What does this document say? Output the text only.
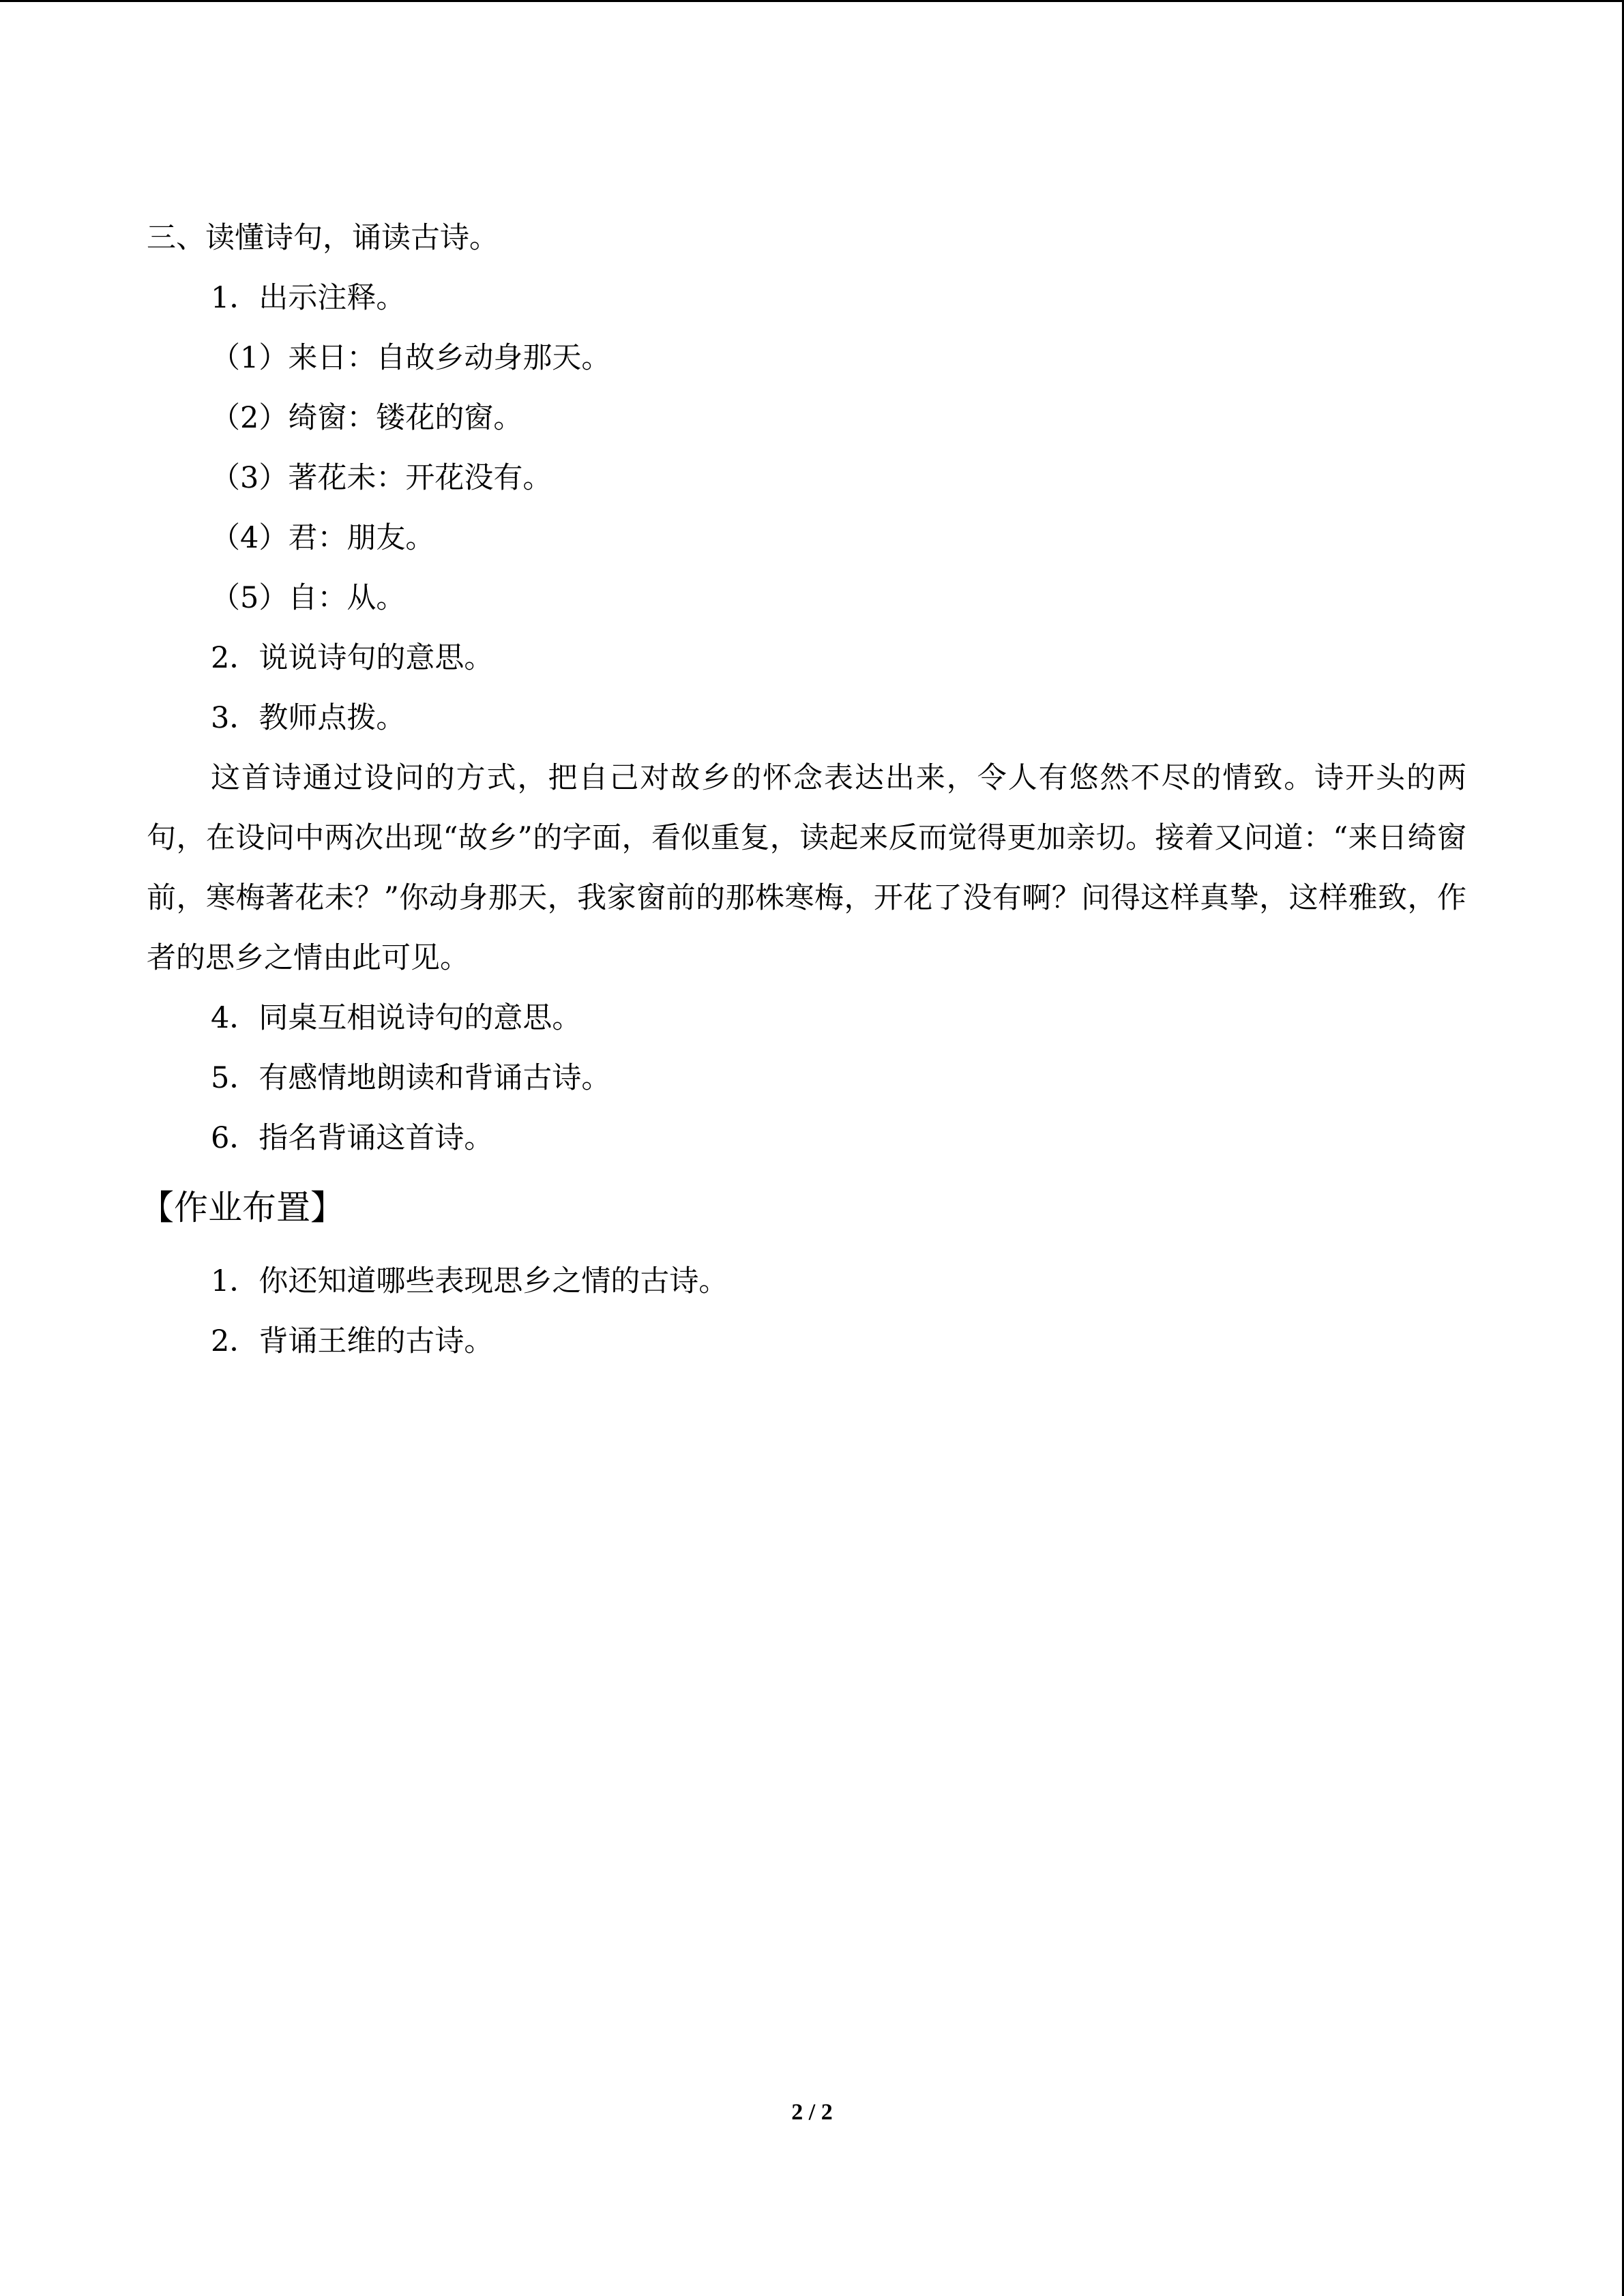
三、读懂诗句，诵读古诗。
1．出示注释。
（1）来日：自故乡动身那天。
（2）绮窗：镂花的窗。
（3）著花未：开花没有。
（4）君：朋友。
（5）自：从。
2．说说诗句的意思。
3．教师点拨。

这首诗通过设问的方式，把自己对故乡的怀念表达出来，令人有悠然不尽的情致。诗开头的两句，在设问中两次出现“故乡”的字面，看似重复，读起来反而觉得更加亲切。接着又问道：“来日绮窗前，寒梅著花未？”你动身那天，我家窗前的那株寒梅，开花了没有啊？问得这样真挚，这样雅致，作者的思乡之情由此可见。

4．同桌互相说诗句的意思。
5．有感情地朗读和背诵古诗。
6．指名背诵这首诗。
【作业布置】
1．你还知道哪些表现思乡之情的古诗。
2．背诵王维的古诗。
2 / 2
